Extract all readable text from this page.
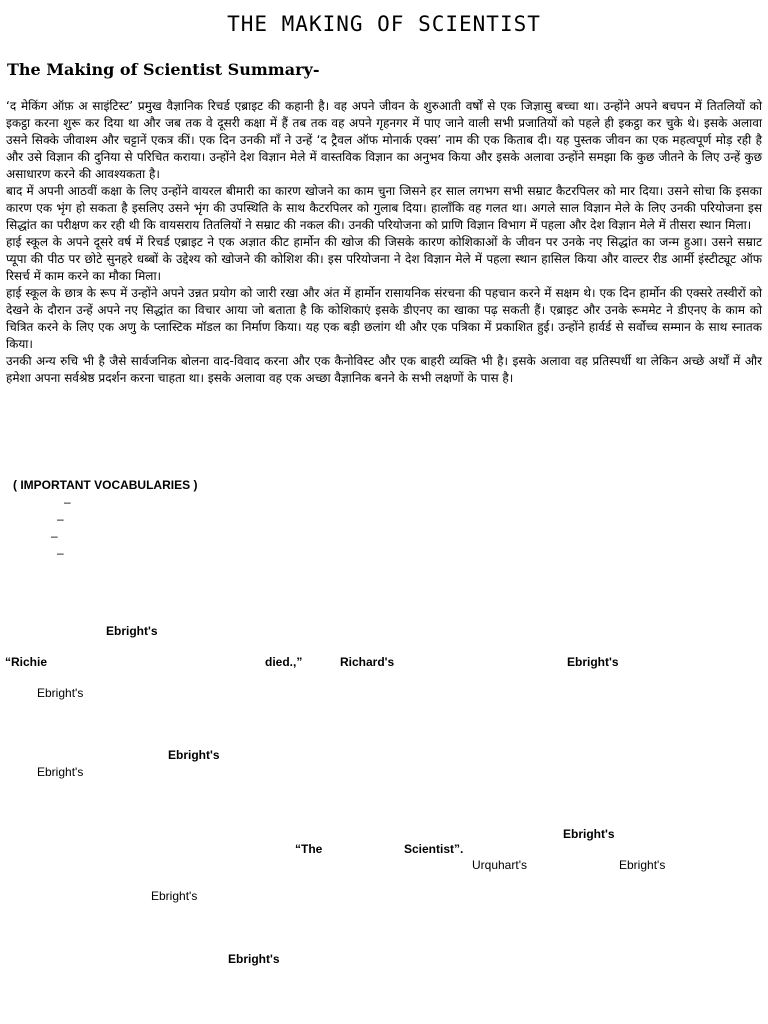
THE MAKING OF SCIENTIST
The Making of Scientist Summary-

‘द मेकिंग ऑफ़ अ साइंटिस्ट’ प्रमुख वैज्ञानिक रिचर्ड एब्राइट की कहानी है। वह अपने जीवन के शुरुआती वर्षों से एक जिज्ञासु बच्चा था। उन्होंने अपने बचपन में तितलियों को इकट्ठा करना शुरू कर दिया था और जब तक वे दूसरी कक्षा में हैं तब तक वह अपने गृहनगर में पाए जाने वाली सभी प्रजातियों को पहले ही इकट्ठा कर चुके थे। इसके अलावा उसने सिक्के जीवाश्म और चट्टानें एकत्र कीं। एक दिन उनकी माँ ने उन्हें ‘द ट्रैवल ऑफ मोनार्क एक्स’ नाम की एक किताब दी। यह पुस्तक जीवन का एक महत्वपूर्ण मोड़ रही है और उसे विज्ञान की दुनिया से परिचित कराया। उन्होंने देश विज्ञान मेले में वास्तविक विज्ञान का अनुभव किया और इसके अलावा उन्होंने समझा कि कुछ जीतने के लिए उन्हें कुछ असाधारण करने की आवश्यकता है।

बाद में अपनी आठवीं कक्षा के लिए उन्होंने वायरल बीमारी का कारण खोजने का काम चुना जिसने हर साल लगभग सभी सम्राट कैटरपिलर को मार दिया। उसने सोचा कि इसका कारण एक भृंग हो सकता है इसलिए उसने भृंग की उपस्थिति के साथ कैटरपिलर को गुलाब दिया। हालाँकि वह गलत था। अगले साल विज्ञान मेले के लिए उनकी परियोजना इस सिद्धांत का परीक्षण कर रही थी कि वायसराय तितलियों ने सम्राट की नकल की। उनकी परियोजना को प्राणि विज्ञान विभाग में पहला और देश विज्ञान मेले में तीसरा स्थान मिला।

हाई स्कूल के अपने दूसरे वर्ष में रिचर्ड एब्राइट ने एक अज्ञात कीट हार्मोन की खोज की जिसके कारण कोशिकाओं के जीवन पर उनके नए सिद्धांत का जन्म हुआ। उसने सम्राट प्यूपा की पीठ पर छोटे सुनहरे धब्बों के उद्देश्य को खोजने की कोशिश की। इस परियोजना ने देश विज्ञान मेले में पहला स्थान हासिल किया और वाल्टर रीड आर्मी इंस्टीट्यूट ऑफ रिसर्च में काम करने का मौका मिला।

हाई स्कूल के छात्र के रूप में उन्होंने अपने उन्नत प्रयोग को जारी रखा और अंत में हार्मोन रासायनिक संरचना की पहचान करने में सक्षम थे। एक दिन हार्मोन की एक्सरे तस्वीरों को देखने के दौरान उन्हें अपने नए सिद्धांत का विचार आया जो बताता है कि कोशिकाएं इसके डीएनए का खाका पढ़ सकती हैं। एब्राइट और उनके रूममेट ने डीएनए के काम को चित्रित करने के लिए एक अणु के प्लास्टिक मॉडल का निर्माण किया। यह एक बड़ी छलांग थी और एक पत्रिका में प्रकाशित हुई। उन्होंने हार्वर्ड से सर्वोच्च सम्मान के साथ स्नातक किया।

उनकी अन्य रुचि भी है जैसे सार्वजनिक बोलना वाद-विवाद करना और एक कैनोविस्ट और एक बाहरी व्यक्ति भी है। इसके अलावा वह प्रतिस्पर्धी था लेकिन अच्छे अर्थों में और हमेशा अपना सर्वश्रेष्ठ प्रदर्शन करना चाहता था। इसके अलावा वह एक अच्छा वैज्ञानिक बनने के सभी लक्षणों के पास है।

( IMPORTANT VOCABULARIES )
–
–
–
–
Ebright's
“Richie	died.,”	Richard's	Ebright's
Ebright's
Ebright's
Ebright's
Ebright's
“The	Scientist”.
Urquhart's	Ebright's
Ebright's
Ebright's
